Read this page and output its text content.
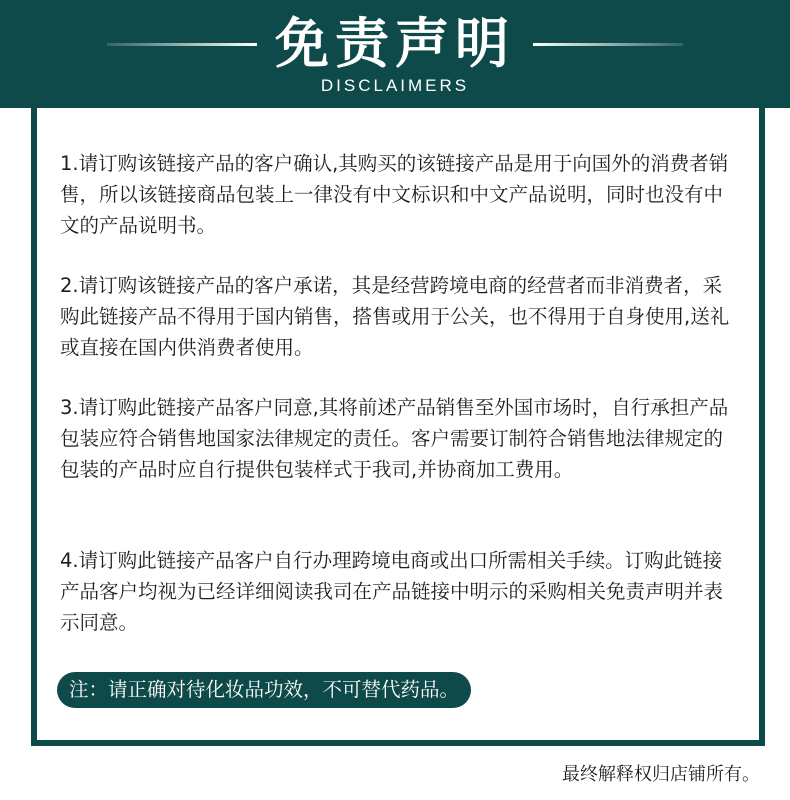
免责声明
DISCLAIMERS

1.请订购该链接产品的客户确认,其购买的该链接产品是用于向国外的消费者销售，所以该链接商品包装上一律没有中文标识和中文产品说明，同时也没有中文的产品说明书。

2.请订购该链接产品的客户承诺，其是经营跨境电商的经营者而非消费者，采购此链接产品不得用于国内销售，搭售或用于公关，也不得用于自身使用,送礼或直接在国内供消费者使用。

3.请订购此链接产品客户同意,其将前述产品销售至外国市场时，自行承担产品包装应符合销售地国家法律规定的责任。客户需要订制符合销售地法律规定的包装的产品时应自行提供包装样式于我司,并协商加工费用。

4.请订购此链接产品客户自行办理跨境电商或出口所需相关手续。订购此链接产品客户均视为已经详细阅读我司在产品链接中明示的采购相关免责声明并表示同意。

注：请正确对待化妆品功效，不可替代药品。
最终解释权归店铺所有。
